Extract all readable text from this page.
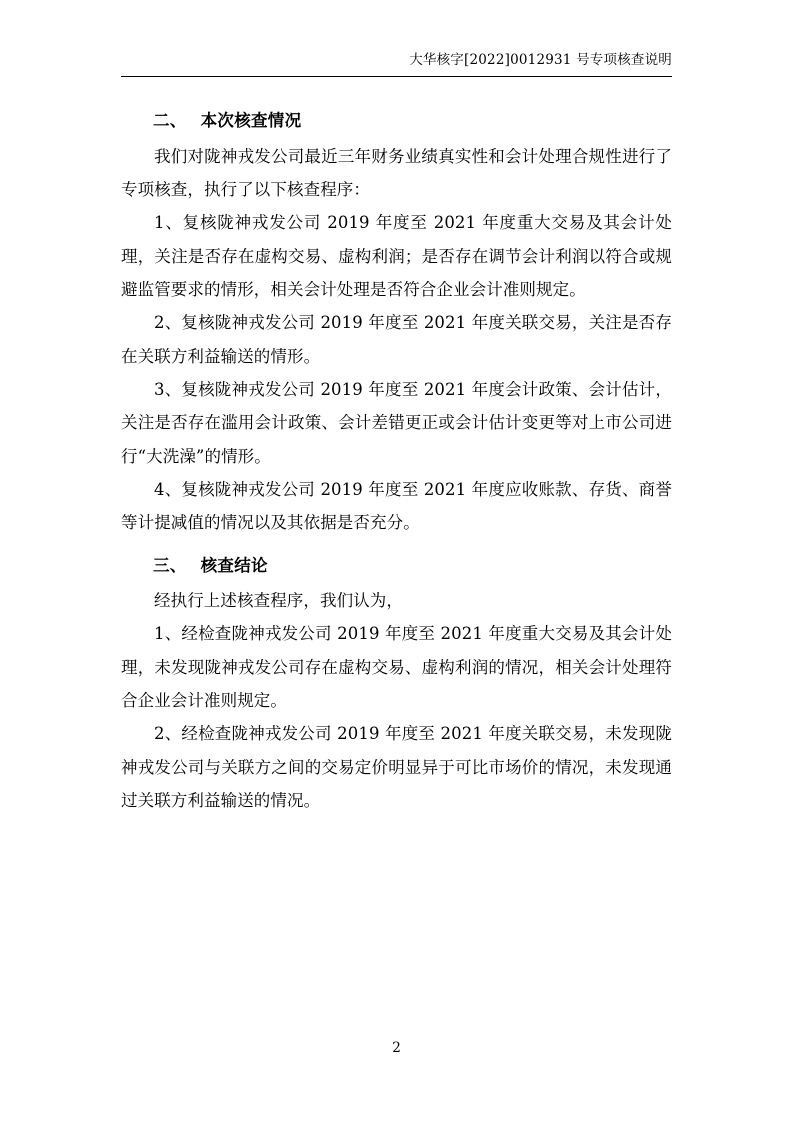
大华核字[2022]0012931 号专项核查说明
二、 本次核查情况

我们对陇神戎发公司最近三年财务业绩真实性和会计处理合规性进行了专项核查，执行了以下核查程序：

1、复核陇神戎发公司 2019 年度至 2021 年度重大交易及其会计处理，关注是否存在虚构交易、虚构利润；是否存在调节会计利润以符合或规避监管要求的情形，相关会计处理是否符合企业会计准则规定。

2、复核陇神戎发公司 2019 年度至 2021 年度关联交易，关注是否存在关联方利益输送的情形。

3、复核陇神戎发公司 2019 年度至 2021 年度会计政策、会计估计，关注是否存在滥用会计政策、会计差错更正或会计估计变更等对上市公司进行“大洗澡”的情形。

4、复核陇神戎发公司 2019 年度至 2021 年度应收账款、存货、商誉等计提减值的情况以及其依据是否充分。

三、 核查结论

经执行上述核查程序，我们认为，

1、经检查陇神戎发公司 2019 年度至 2021 年度重大交易及其会计处理，未发现陇神戎发公司存在虚构交易、虚构利润的情况，相关会计处理符合企业会计准则规定。

2、经检查陇神戎发公司 2019 年度至 2021 年度关联交易，未发现陇神戎发公司与关联方之间的交易定价明显异于可比市场价的情况，未发现通过关联方利益输送的情况。

2
